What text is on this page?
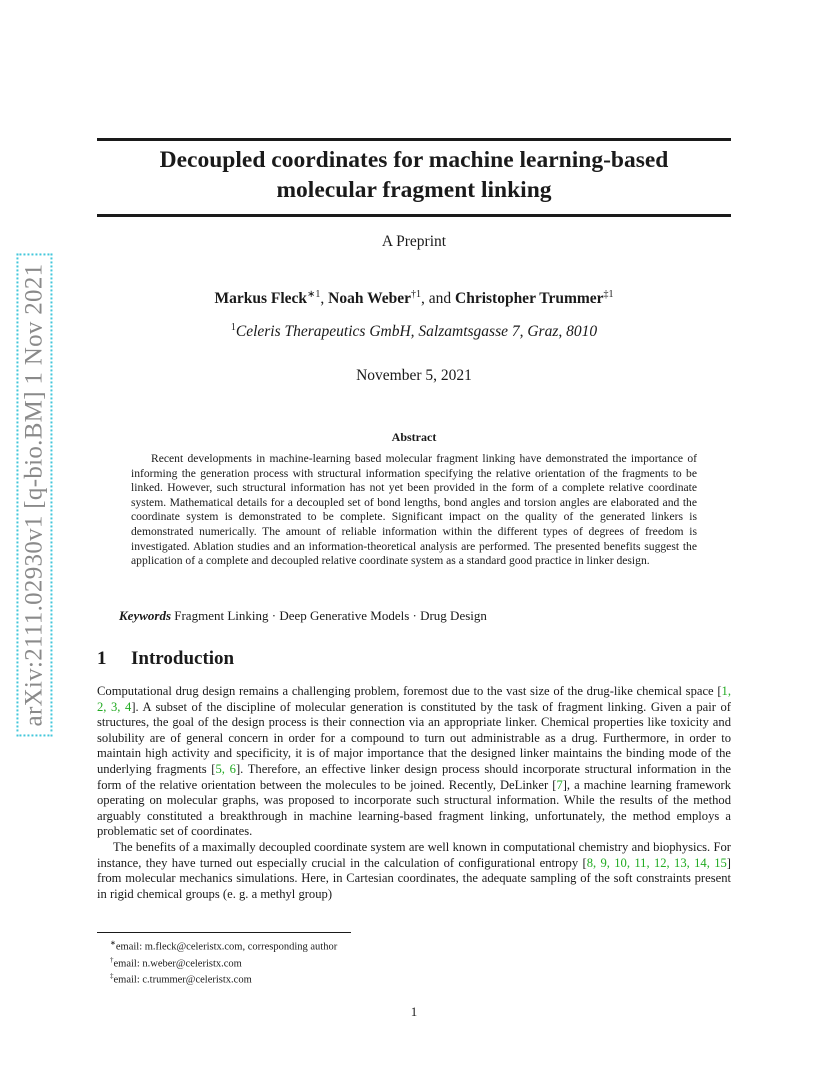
arXiv:2111.02930v1 [q-bio.BM] 1 Nov 2021
Decoupled coordinates for machine learning-based
molecular fragment linking
A Preprint
Markus Fleck$^{∗1}$, Noah Weber$^{\dagger 1}$, and Christopher Trummer$^{\ddagger 1}$
$^1$Celeris Therapeutics GmbH, Salzamtsgasse 7, Graz, 8010
November 5, 2021
Abstract
Recent developments in machine-learning based molecular fragment linking have demonstrated the importance of informing the generation process with structural information specifying the relative orientation of the fragments to be linked. However, such structural information has not yet been provided in the form of a complete relative coordinate system. Mathematical details for a decoupled set of bond lengths, bond angles and torsion angles are elaborated and the coordinate system is demonstrated to be complete. Significant impact on the quality of the generated linkers is demonstrated numerically. The amount of reliable information within the different types of degrees of freedom is investigated. Ablation studies and an information-theoretical analysis are performed. The presented benefits suggest the application of a complete and decoupled relative coordinate system as a standard good practice in linker design.
Keywords Fragment Linking · Deep Generative Models · Drug Design
1 Introduction

Computational drug design remains a challenging problem, foremost due to the vast size of the drug-like chemical space [1, 2, 3, 4]. A subset of the discipline of molecular generation is constituted by the task of fragment linking. Given a pair of structures, the goal of the design process is their connection via an appropriate linker. Chemical properties like toxicity and solubility are of general concern in order for a compound to turn out administrable as a drug. Furthermore, in order to maintain high activity and specificity, it is of major importance that the designed linker maintains the binding mode of the underlying fragments [5, 6]. Therefore, an effective linker design process should incorporate structural information in the form of the relative orientation between the molecules to be joined. Recently, DeLinker [7], a machine learning framework operating on molecular graphs, was proposed to incorporate such structural information. While the results of the method arguably constituted a breakthrough in machine learning-based fragment linking, unfortunately, the method employs a problematic set of coordinates.

The benefits of a maximally decoupled coordinate system are well known in computational chemistry and biophysics. For instance, they have turned out especially crucial in the calculation of configurational entropy [8, 9, 10, 11, 12, 13, 14, 15] from molecular mechanics simulations. Here, in Cartesian coordinates, the adequate sampling of the soft constraints present in rigid chemical groups (e. g. a methyl group)

∗email: m.fleck@celeristx.com, corresponding author
†email: n.weber@celeristx.com
‡email: c.trummer@celeristx.com
1
